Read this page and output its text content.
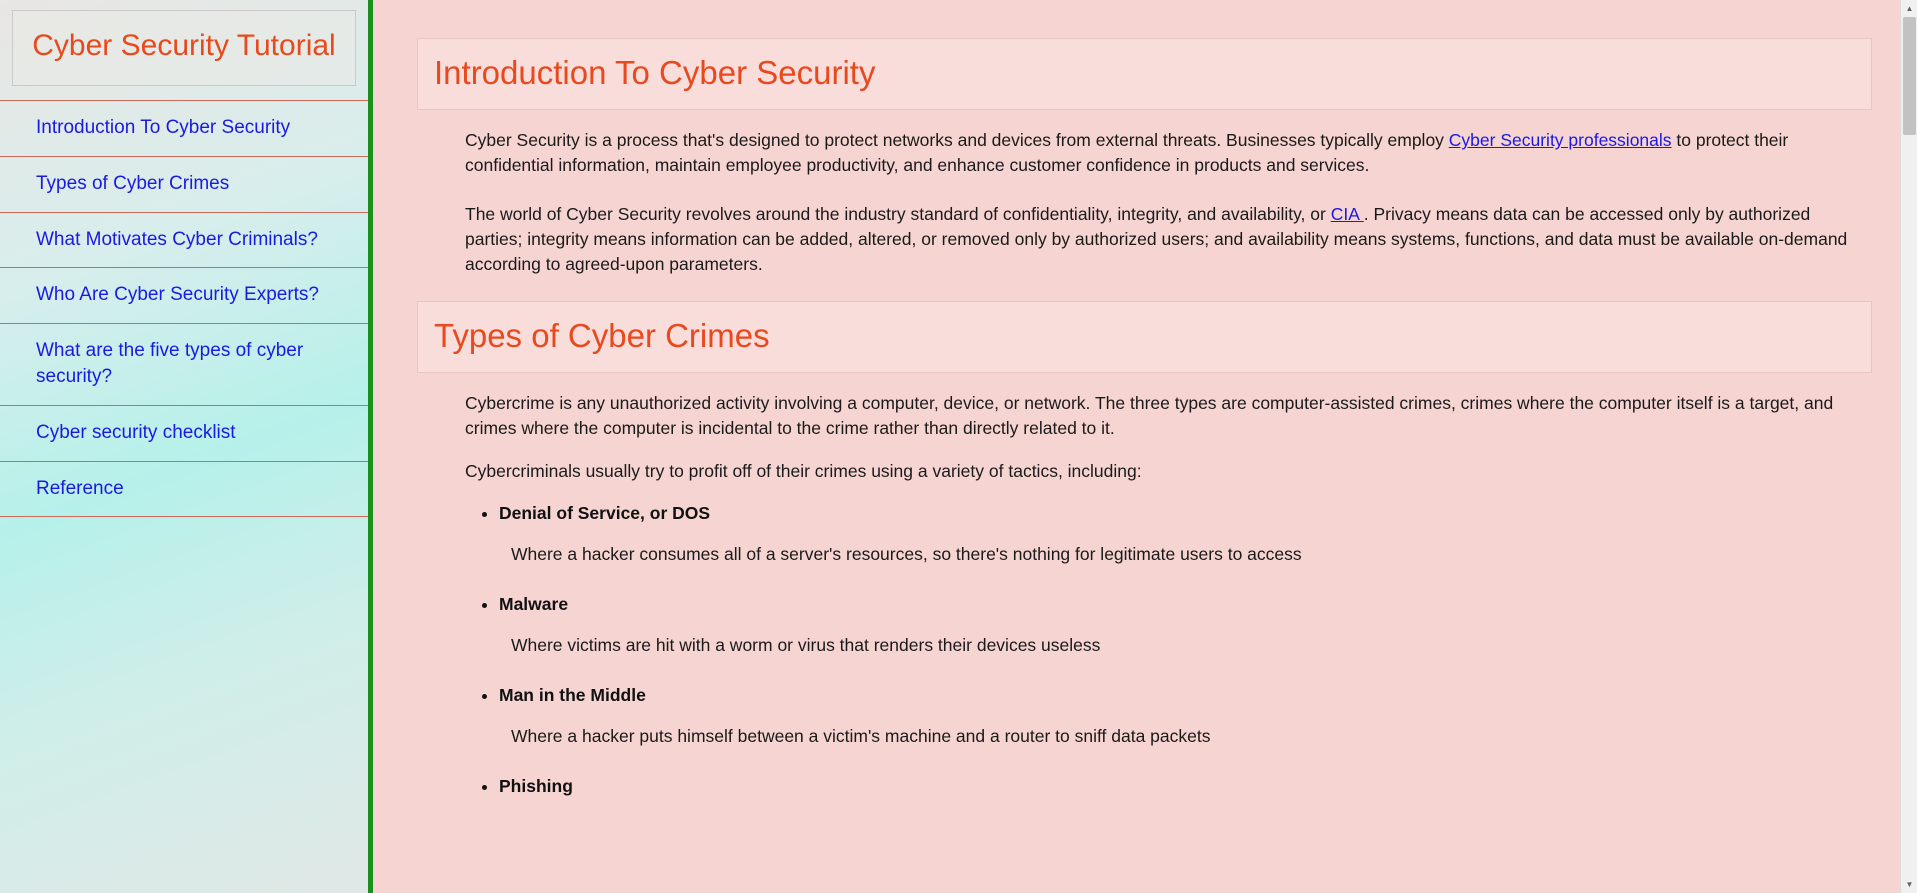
Cyber Security Tutorial
Introduction To Cyber Security
Types of Cyber Crimes
What Motivates Cyber Criminals?
Who Are Cyber Security Experts?
What are the five types of cyber security?
Cyber security checklist
Reference
Introduction To Cyber Security

Cyber Security is a process that's designed to protect networks and devices from external threats. Businesses typically employ Cyber Security professionals to protect their confidential information, maintain employee productivity, and enhance customer confidence in products and services.

The world of Cyber Security revolves around the industry standard of confidentiality, integrity, and availability, or CIA . Privacy means data can be accessed only by authorized parties; integrity means information can be added, altered, or removed only by authorized users; and availability means systems, functions, and data must be available on-demand according to agreed-upon parameters.

Types of Cyber Crimes

Cybercrime is any unauthorized activity involving a computer, device, or network. The three types are computer-assisted crimes, crimes where the computer itself is a target, and crimes where the computer is incidental to the crime rather than directly related to it.

Cybercriminals usually try to profit off of their crimes using a variety of tactics, including:

• Denial of Service, or DOS
Where a hacker consumes all of a server's resources, so there's nothing for legitimate users to access
• Malware
Where victims are hit with a worm or virus that renders their devices useless
• Man in the Middle
Where a hacker puts himself between a victim's machine and a router to sniff data packets
• Phishing
▲
▼
